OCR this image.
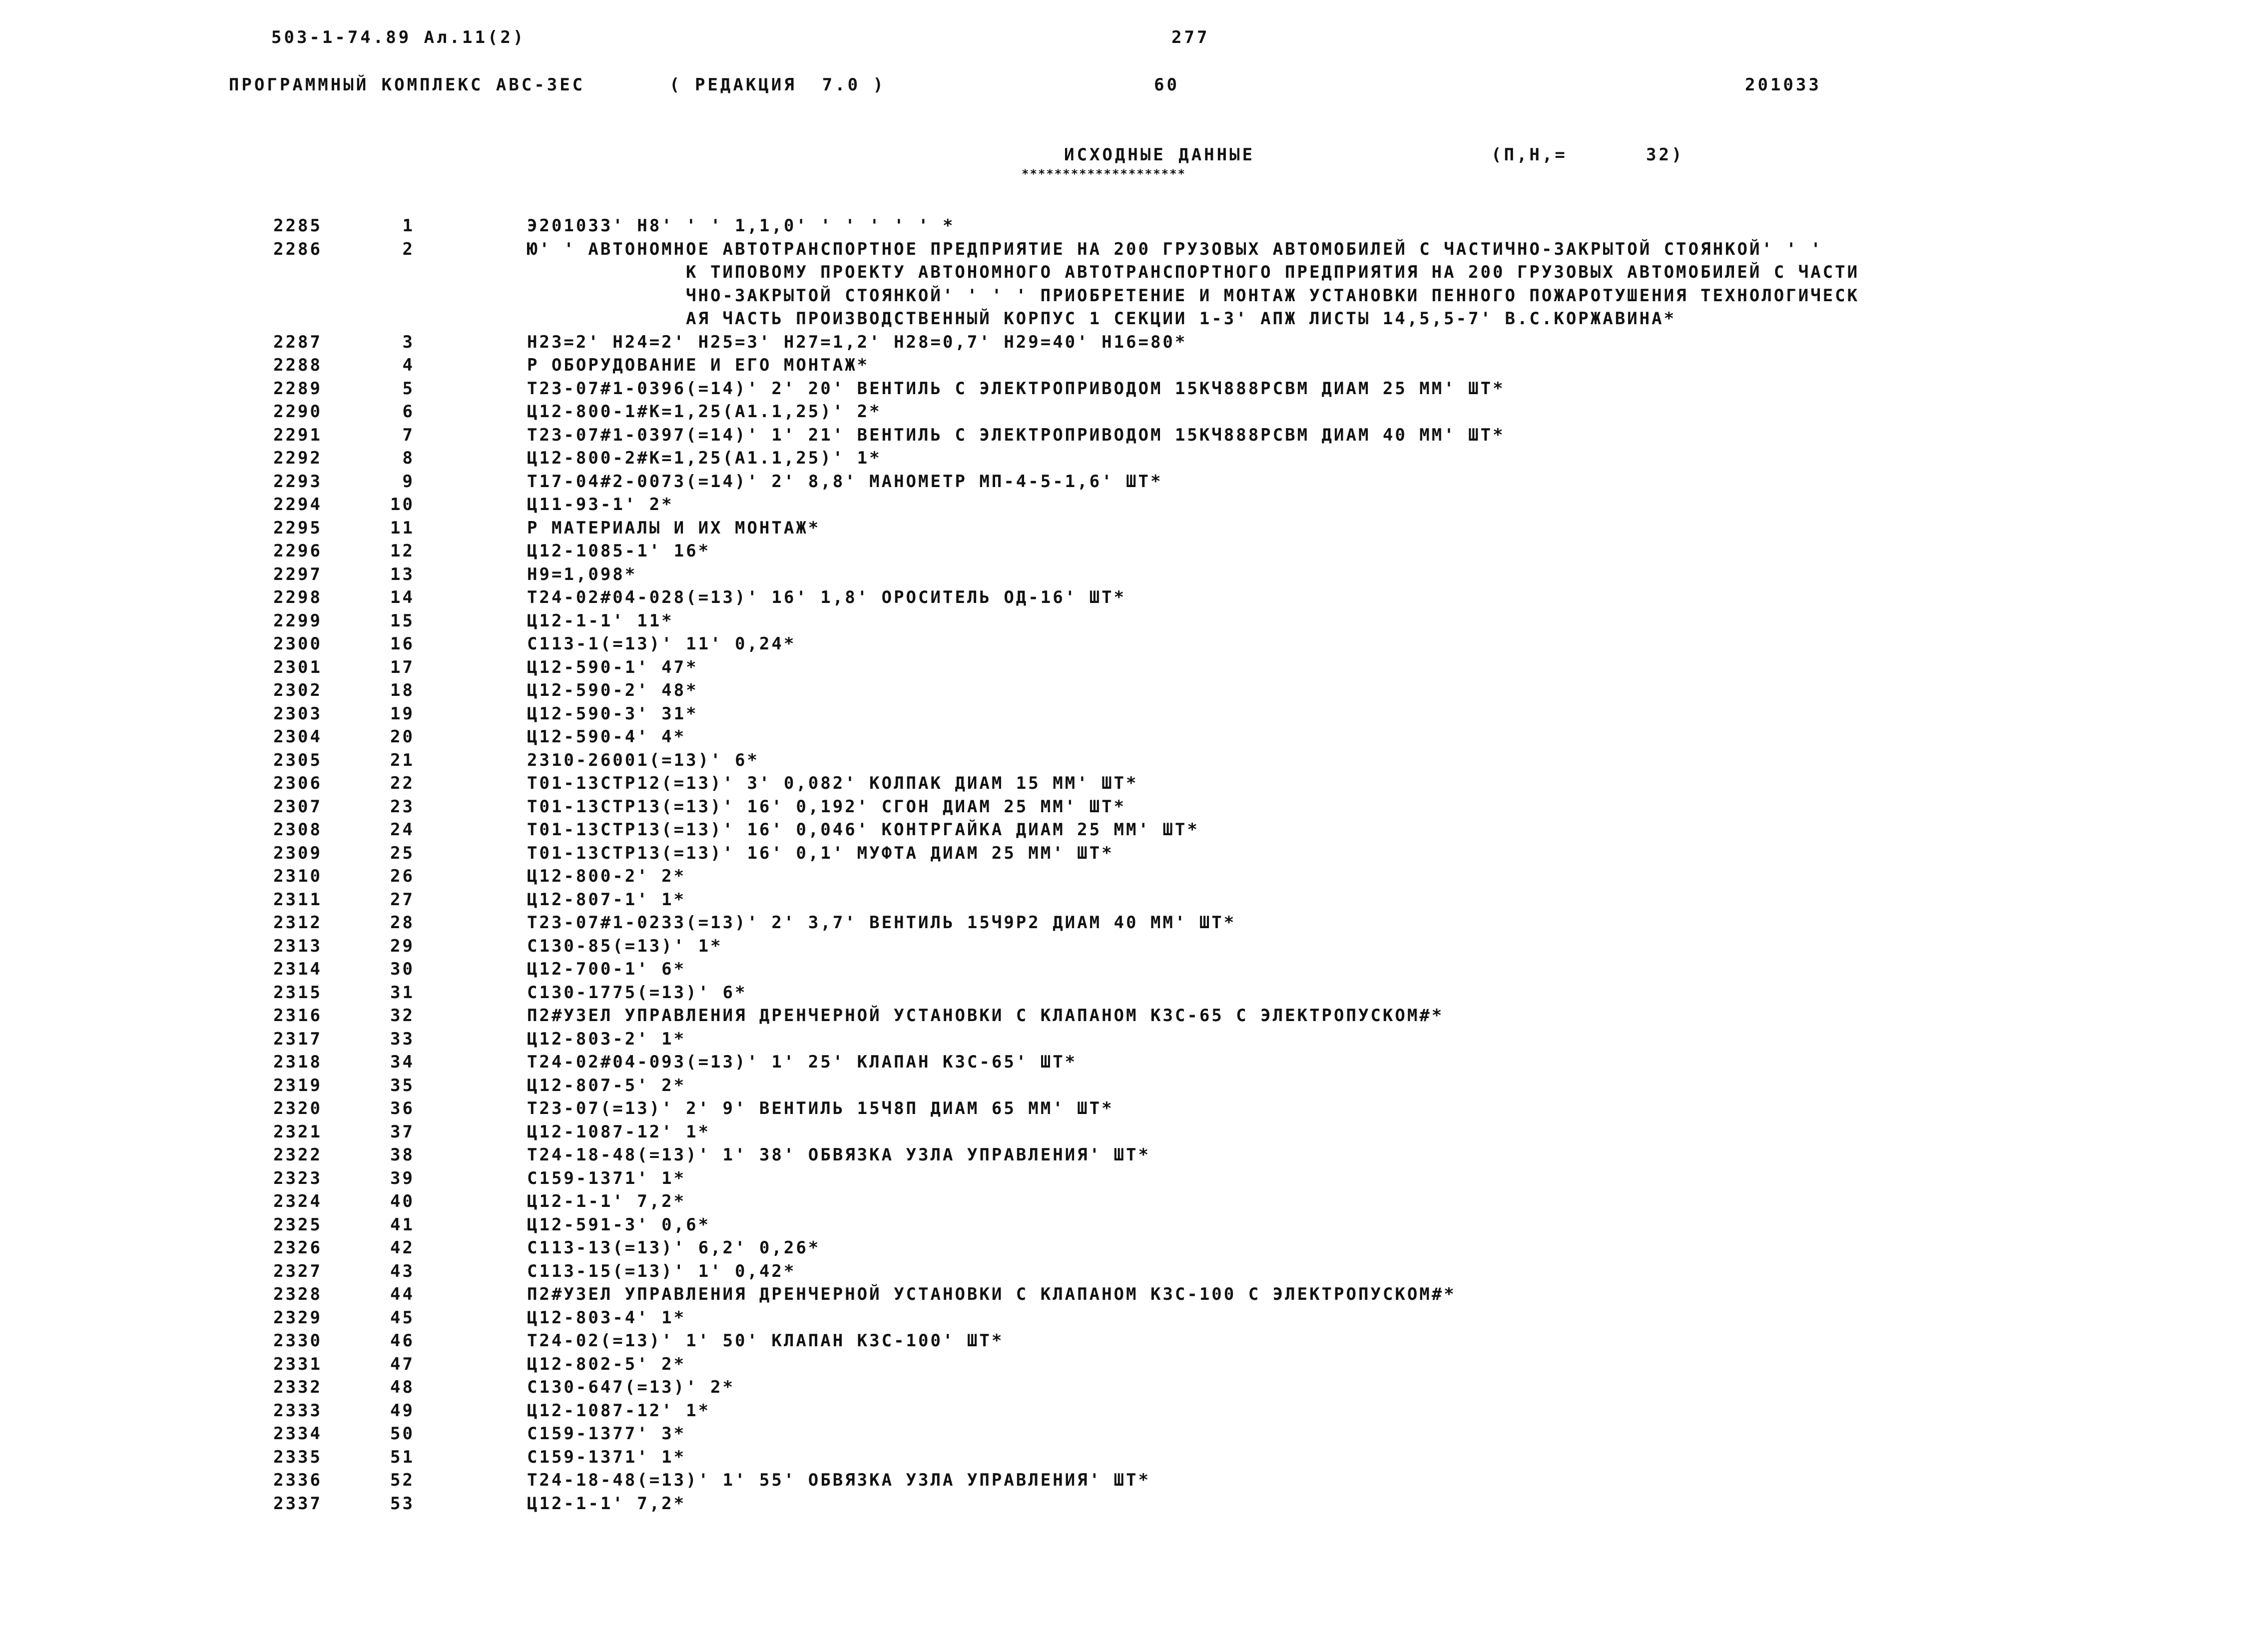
503-1-74.89 Ал.11(2)	277
ПРОГРАММНЫЙ КОМПЛЕКС АВС-3ЕС	( РЕДАКЦИЯ  7.0 )	60	201033
ИСХОДНЫЕ ДАННЫЕ
********************
(П,Н,=	32)
2285	1	Э201033' Н8' ' ' 1,1,0' ' ' ' ' ' *
2286	2	Ю' ' АВТОНОМНОЕ АВТОТРАНСПОРТНОЕ ПРЕДПРИЯТИЕ НА 200 ГРУЗОВЫХ АВТОМОБИЛЕЙ С ЧАСТИЧНО-ЗАКРЫТОЙ СТОЯНКОЙ' ' '
К ТИПОВОМУ ПРОЕКТУ АВТОНОМНОГО АВТОТРАНСПОРТНОГО ПРЕДПРИЯТИЯ НА 200 ГРУЗОВЫХ АВТОМОБИЛЕЙ С ЧАСТИ
ЧНО-ЗАКРЫТОЙ СТОЯНКОЙ' ' ' ' ПРИОБРЕТЕНИЕ И МОНТАЖ УСТАНОВКИ ПЕННОГО ПОЖАРОТУШЕНИЯ ТЕХНОЛОГИЧЕСК
АЯ ЧАСТЬ ПРОИЗВОДСТВЕННЫЙ КОРПУС 1 СЕКЦИИ 1-3' АПЖ ЛИСТЫ 14,5,5-7' В.С.КОРЖАВИНА*
2287	3	Н23=2' Н24=2' Н25=3' Н27=1,2' Н28=0,7' Н29=40' Н16=80*
2288	4	Р ОБОРУДОВАНИЕ И ЕГО МОНТАЖ*
2289	5	Т23-07#1-0396(=14)' 2' 20' ВЕНТИЛЬ С ЭЛЕКТРОПРИВОДОМ 15КЧ888РСВМ ДИАМ 25 ММ' ШТ*
2290	6	Ц12-800-1#К=1,25(А1.1,25)' 2*
2291	7	Т23-07#1-0397(=14)' 1' 21' ВЕНТИЛЬ С ЭЛЕКТРОПРИВОДОМ 15КЧ888РСВМ ДИАМ 40 ММ' ШТ*
2292	8	Ц12-800-2#К=1,25(А1.1,25)' 1*
2293	9	Т17-04#2-0073(=14)' 2' 8,8' МАНОМЕТР МП-4-5-1,6' ШТ*
2294	10	Ц11-93-1' 2*
2295	11	Р МАТЕРИАЛЫ И ИХ МОНТАЖ*
2296	12	Ц12-1085-1' 16*
2297	13	Н9=1,098*
2298	14	Т24-02#04-028(=13)' 16' 1,8' ОРОСИТЕЛЬ ОД-16' ШТ*
2299	15	Ц12-1-1' 11*
2300	16	С113-1(=13)' 11' 0,24*
2301	17	Ц12-590-1' 47*
2302	18	Ц12-590-2' 48*
2303	19	Ц12-590-3' 31*
2304	20	Ц12-590-4' 4*
2305	21	2310-26001(=13)' 6*
2306	22	Т01-13СТР12(=13)' 3' 0,082' КОЛПАК ДИАМ 15 ММ' ШТ*
2307	23	Т01-13СТР13(=13)' 16' 0,192' СГОН ДИАМ 25 ММ' ШТ*
2308	24	Т01-13СТР13(=13)' 16' 0,046' КОНТРГАЙКА ДИАМ 25 ММ' ШТ*
2309	25	Т01-13СТР13(=13)' 16' 0,1' МУФТА ДИАМ 25 ММ' ШТ*
2310	26	Ц12-800-2' 2*
2311	27	Ц12-807-1' 1*
2312	28	Т23-07#1-0233(=13)' 2' 3,7' ВЕНТИЛЬ 15Ч9Р2 ДИАМ 40 ММ' ШТ*
2313	29	С130-85(=13)' 1*
2314	30	Ц12-700-1' 6*
2315	31	С130-1775(=13)' 6*
2316	32	П2#УЗЕЛ УПРАВЛЕНИЯ ДРЕНЧЕРНОЙ УСТАНОВКИ С КЛАПАНОМ КЗС-65 С ЭЛЕКТРОПУСКОМ#*
2317	33	Ц12-803-2' 1*
2318	34	Т24-02#04-093(=13)' 1' 25' КЛАПАН КЗС-65' ШТ*
2319	35	Ц12-807-5' 2*
2320	36	Т23-07(=13)' 2' 9' ВЕНТИЛЬ 15Ч8П ДИАМ 65 ММ' ШТ*
2321	37	Ц12-1087-12' 1*
2322	38	Т24-18-48(=13)' 1' 38' ОБВЯЗКА УЗЛА УПРАВЛЕНИЯ' ШТ*
2323	39	С159-1371' 1*
2324	40	Ц12-1-1' 7,2*
2325	41	Ц12-591-3' 0,6*
2326	42	С113-13(=13)' 6,2' 0,26*
2327	43	С113-15(=13)' 1' 0,42*
2328	44	П2#УЗЕЛ УПРАВЛЕНИЯ ДРЕНЧЕРНОЙ УСТАНОВКИ С КЛАПАНОМ КЗС-100 С ЭЛЕКТРОПУСКОМ#*
2329	45	Ц12-803-4' 1*
2330	46	Т24-02(=13)' 1' 50' КЛАПАН КЗС-100' ШТ*
2331	47	Ц12-802-5' 2*
2332	48	С130-647(=13)' 2*
2333	49	Ц12-1087-12' 1*
2334	50	С159-1377' 3*
2335	51	С159-1371' 1*
2336	52	Т24-18-48(=13)' 1' 55' ОБВЯЗКА УЗЛА УПРАВЛЕНИЯ' ШТ*
2337	53	Ц12-1-1' 7,2*
